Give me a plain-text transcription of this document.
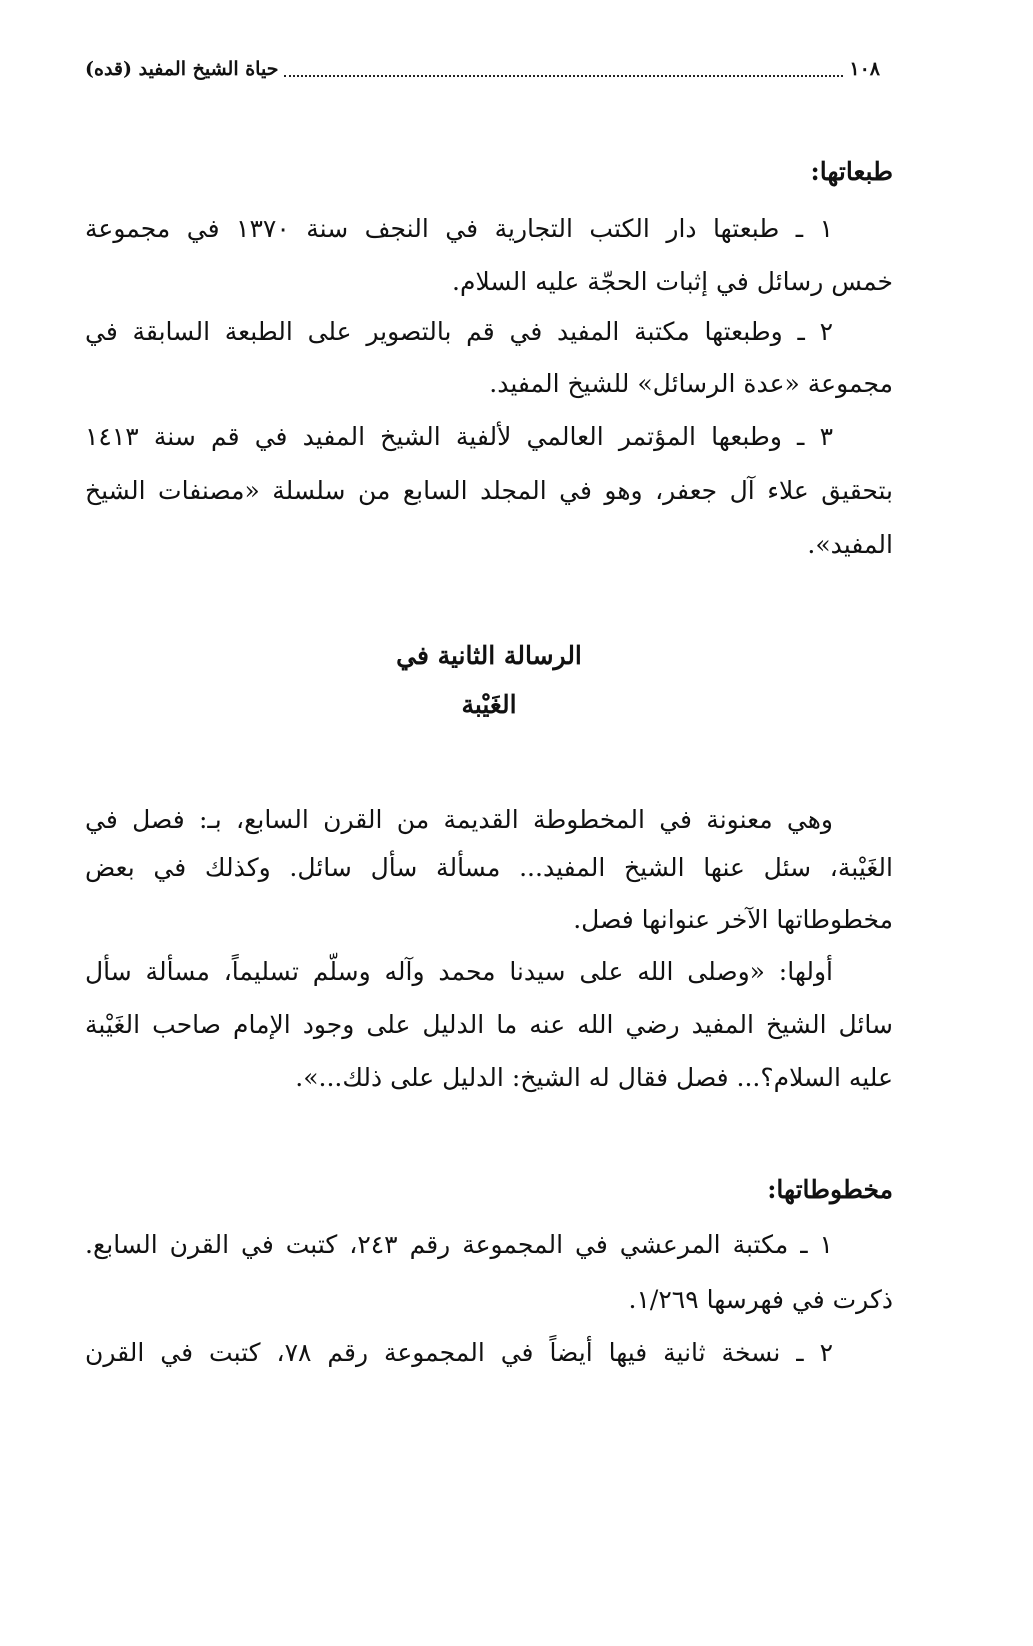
١٠٨
حياة الشيخ المفيد (قده)
طبعاتها:
١ ـ طبعتها دار الكتب التجارية في النجف سنة ١٣٧٠ في مجموعة
خمس رسائل في إثبات الحجّة عليه السلام.
٢ ـ وطبعتها مكتبة المفيد في قم بالتصوير على الطبعة السابقة في
مجموعة «عدة الرسائل» للشيخ المفيد.
٣ ـ وطبعها المؤتمر العالمي لألفية الشيخ المفيد في قم سنة ١٤١٣
بتحقيق علاء آل جعفر، وهو في المجلد السابع من سلسلة «مصنفات الشيخ
المفيد».
الرسالة الثانية في
الغَيْبة
وهي معنونة في المخطوطة القديمة من القرن السابع، بـ: فصل في
الغَيْبة، سئل عنها الشيخ المفيد... مسألة سأل سائل. وكذلك في بعض
مخطوطاتها الآخر عنوانها فصل.
أولها: «وصلى الله على سيدنا محمد وآله وسلّم تسليماً، مسألة سأل
سائل الشيخ المفيد رضي الله عنه ما الدليل على وجود الإمام صاحب الغَيْبة
عليه السلام؟... فصل فقال له الشيخ: الدليل على ذلك...».
مخطوطاتها:
١ ـ مكتبة المرعشي في المجموعة رقم ٢٤٣، كتبت في القرن السابع.
ذكرت في فهرسها ١/٢٦٩.
٢ ـ نسخة ثانية فيها أيضاً في المجموعة رقم ٧٨، كتبت في القرن
